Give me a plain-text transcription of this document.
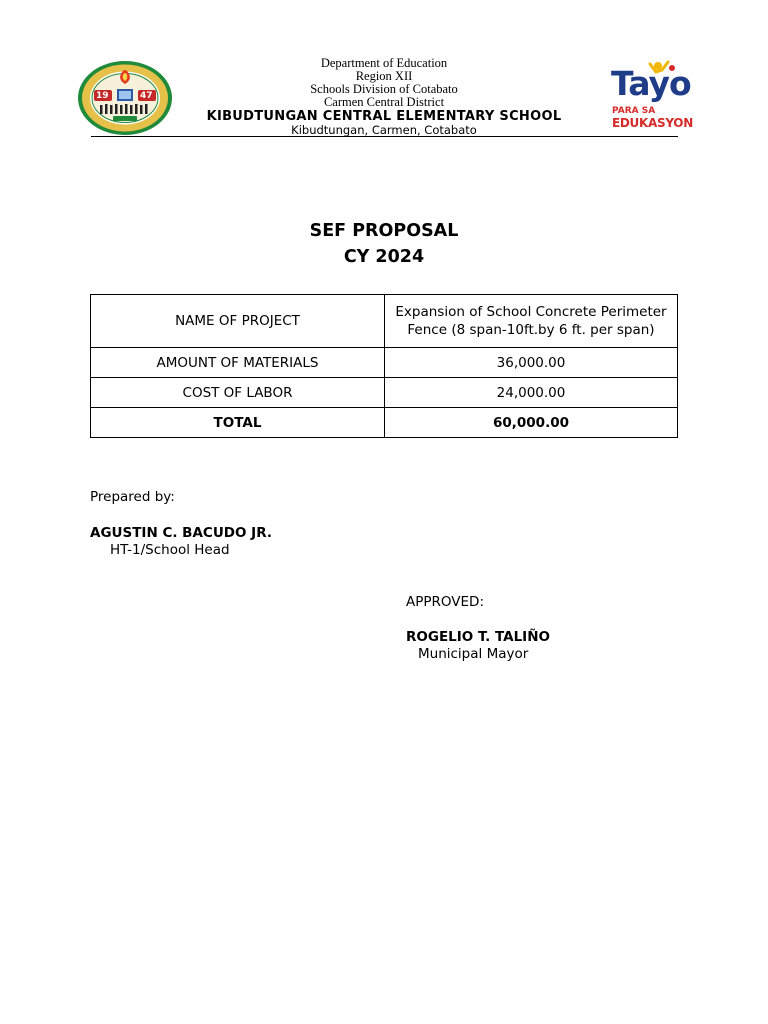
19	47
Department of Education
Region XII
Schools Division of Cotabato
Carmen Central District
KIBUDTUNGAN CENTRAL ELEMENTARY SCHOOL
Kibudtungan, Carmen, Cotabato
Tayo
PARA SA
EDUKASYON
SEF PROPOSAL
CY 2024
NAME OF PROJECT	Expansion of School Concrete Perimeter Fence (8 span-10ft.by 6 ft. per span)
AMOUNT OF MATERIALS	36,000.00
COST OF LABOR	24,000.00
TOTAL	60,000.00
Prepared by:
AGUSTIN C. BACUDO JR.
HT-1/School Head
APPROVED:
ROGELIO T. TALIÑO
Municipal Mayor
